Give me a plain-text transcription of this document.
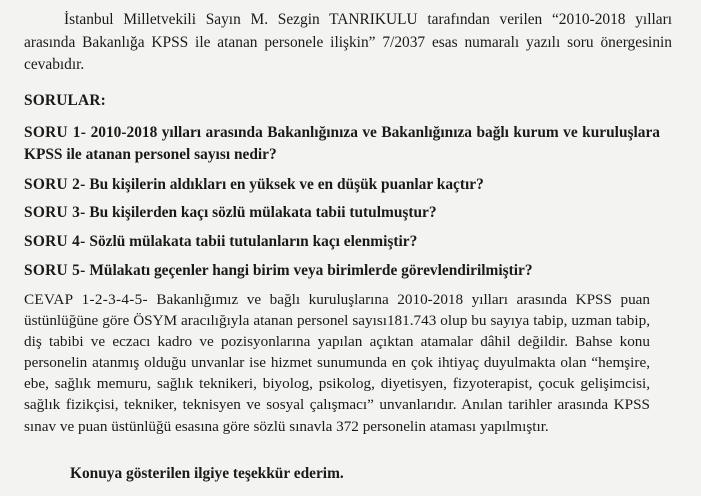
İstanbul Milletvekili Sayın M. Sezgin TANRIKULU tarafından verilen “2010-2018 yılları arasında Bakanlığa KPSS ile atanan personele ilişkin” 7/2037 esas numaralı yazılı soru önergesinin cevabıdır.
SORULAR:
SORU 1- 2010-2018 yılları arasında Bakanlığınıza ve Bakanlığınıza bağlı kurum ve kuruluşlara KPSS ile atanan personel sayısı nedir?
SORU 2- Bu kişilerin aldıkları en yüksek ve en düşük puanlar kaçtır?
SORU 3- Bu kişilerden kaçı sözlü mülakata tabii tutulmuştur?
SORU 4- Sözlü mülakata tabii tutulanların kaçı elenmiştir?
SORU 5- Mülakatı geçenler hangi birim veya birimlerde görevlendirilmiştir?
CEVAP 1-2-3-4-5- Bakanlığımız ve bağlı kuruluşlarına 2010-2018 yılları arasında KPSS puan üstünlüğüne göre ÖSYM aracılığıyla atanan personel sayısı181.743 olup bu sayıya tabip, uzman tabip, diş tabibi ve eczacı kadro ve pozisyonlarına yapılan açıktan atamalar dâhil değildir. Bahse konu personelin atanmış olduğu unvanlar ise hizmet sunumunda en çok ihtiyaç duyulmakta olan “hemşire, ebe, sağlık memuru, sağlık teknikeri, biyolog, psikolog, diyetisyen, fizyoterapist, çocuk gelişimcisi, sağlık fizikçisi, tekniker, teknisyen ve sosyal çalışmacı” unvanlarıdır. Anılan tarihler arasında KPSS sınav ve puan üstünlüğü esasına göre sözlü sınavla 372 personelin ataması yapılmıştır.
Konuya gösterilen ilgiye teşekkür ederim.
